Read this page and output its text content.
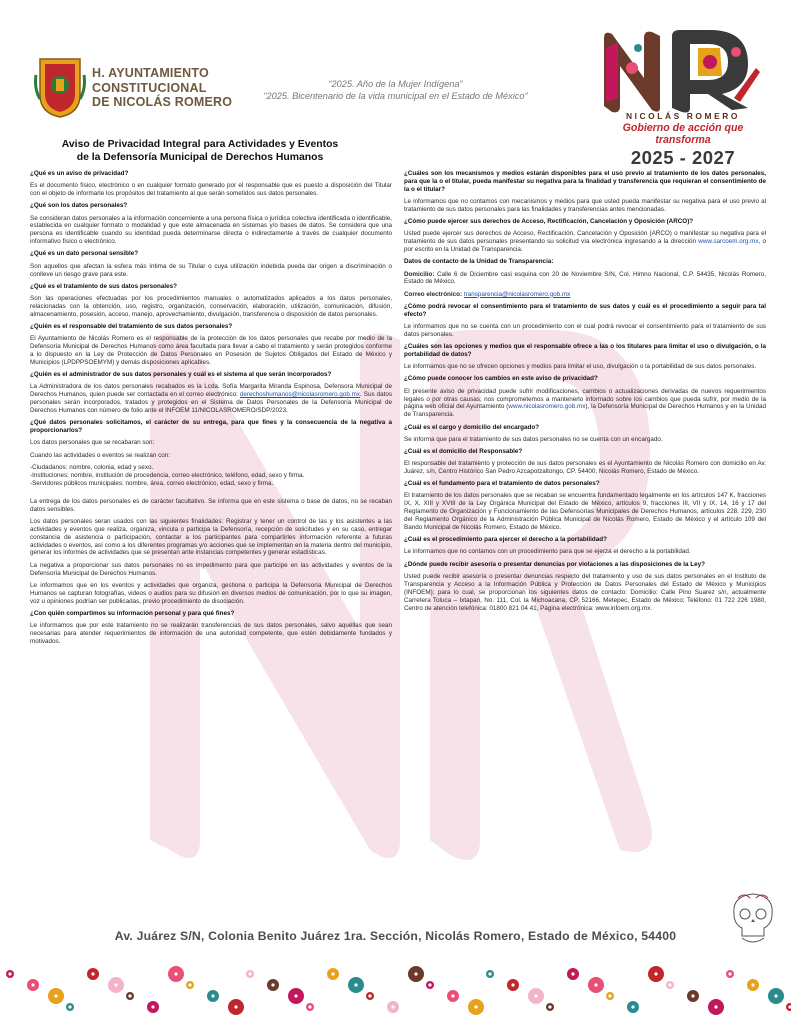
H. AYUNTAMIENTO
CONSTITUCIONAL
DE NICOLÁS ROMERO
“2025. Año de la Mujer Indígena”
“2025. Bicentenario de la vida municipal en el Estado de México”
NICOLÁS ROMERO
Gobierno de acción que transforma
2025 - 2027
Aviso de Privacidad Integral para Actividades y Eventos
de la Defensoría Municipal de Derechos Humanos
¿Qué es un aviso de privacidad?

Es el documento físico, electrónico o en cualquier formato generado por el responsable que es puesto a disposición del Titular con el objeto de informarle los propósitos del tratamiento al que serán sometidos sus datos personales.

¿Qué son los datos personales?

Se consideran datos personales a la información concerniente a una persona física o jurídica colectiva identificada o identificable, establecida en cualquier formato o modalidad y que este almacenada en sistemas y/o bases de datos. Se considera que una persona es identificable cuando su identidad pueda determinarse directa o indirectamente a través de cualquier documento informativo físico o electrónico.

¿Qué es un dato personal sensible?

Son aquellos que afectan la esfera más íntima de su Titular o cuya utilización indebida pueda dar origen a discriminación o conlleve un riesgo grave para este.

¿Qué es el tratamiento de sus datos personales?

Son las operaciones efectuadas por los procedimientos manuales o automatizados aplicados a los datos personales, relacionadas con la obtención, uso, registro, organización, conservación, elaboración, utilización, comunicación, difusión, almacenamiento, posesión, acceso, manejo, aprovechamiento, divulgación, transferencia o disposición de datos personales.

¿Quién es el responsable del tratamiento de sus datos personales?

El Ayuntamiento de Nicolás Romero es el responsable de la protección de los datos personales que recabe por medio de la Defensoría Municipal de Derechos Humanos como área facultada para llevar a cabo el tratamiento y serán protegidos conforme a lo dispuesto en la Ley de Protección de Datos Personales en Posesión de Sujetos Obligados del Estado de México y Municipios (LPDPPSOEMYM) y demás disposiciones aplicables.

¿Quién es el administrador de sus datos personales y cuál es el sistema al que serán incorporados?

La Administradora de los datos personales recabados es la Lcda. Sofía Margarita Miranda Espinosa, Defensora Municipal de Derechos Humanos, quien puede ser contactada en el correo electrónico: derechoshumanos@nicolasromero.gob.mx. Sus datos personales serán incorporados, tratados y protegidos en el Sistema de Datos Personales de la Defensoría Municipal de Derechos Humanos con número de folio ante el INFOEM 11/NICOLASROMERO/SDP/2023.

¿Qué datos personales solicitamos, el carácter de su entrega, para que fines y la consecuencia de la negativa a proporcionarlos?

Los datos personales que se recabaran son:

Cuando las actividades o eventos se realizan con:

-Ciudadanos: nombre, colonia, edad y sexo.
-Instituciones: nombre, institución de procedencia, correo electrónico, teléfono, edad, sexo y firma.
-Servidores públicos municipales: nombre, área, correo electrónico, edad, sexo y firma.

La entrega de los datos personales es de carácter facultativo. Se informa que en este sistema o base de datos, no se recaban datos sensibles.

Los datos personales seran usados con las siguientes finalidades: Registrar y tener un control de las y los asistentes a las actividades y eventos que realiza, organiza, vincula o participa la Defensoría, recepción de solicitudes y en su caso, entregar constancia de asistencia o participación, contactar a los participantes para compartirles información referente a futuras actividades o eventos, así como a los diferentes programas y/o acciones que se implementan en la materia dentro del municipio, generar los informes de actividades que se presentan ante instancias competentes y generar estadísticas.

La negativa a proporcionar sus datos personales no es impedimento para que participe en las actividades y eventos de la Defensoría Municipal de Derechos Humanos.

Le informamos que en los eventos y actividades que organiza, gestiona o participa la Defensoría Municipal de Derechos Humanos se capturan fotografías, videos o audios para su difusión en diversos medios de comunicación, por lo que su imagen, voz u opiniones podrían ser publicadas, previo procedimiento de disociación.

¿Con quién compartimos su información personal y para qué fines?

Le informamos que por este tratamiento no se realizarán transferencias de sus datos personales, salvo aquéllas que sean necesarias para atender requerimientos de información de una autoridad competente, que estén debidamente fundados y motivados.

¿Cuáles son los mecanismos y medios estarán disponibles para el uso previo al tratamiento de los datos personales, para que la o el titular, pueda manifestar su negativa para la finalidad y transferencia que requieran el consentimiento de la o el titular?

Le informamos que no contamos con mecanismos y medios para que usted pueda manifestar su negativa para el uso previo al tratamiento de sus datos personales para las finalidades y transferencias antes mencionadas.

¿Cómo puede ejercer sus derechos de Acceso, Rectificación, Cancelación y Oposición (ARCO)?

Usted puede ejercer sus derechos de Acceso, Rectificación, Cancelación y Oposición (ARCO) o manifestar su negativa para el tratamiento de sus datos personales presentando su solicitud vía electrónica ingresando a la dirección www.sarcoem.org.mx, o por escrito en la Unidad de Transparencia.

Datos de contacto de la Unidad de Transparencia:

Domicilio: Calle 6 de Diciembre casi esquina con 20 de Noviembre S/N, Col. Himno Nacional, C.P. 54435, Nicolás Romero, Estado de México.

Correo electrónico: transparencia@nicolasromero.gob.mx

¿Cómo podrá revocar el consentimiento para el tratamiento de sus datos y cuál es el procedimiento a seguir para tal efecto?

Le informamos que no se cuenta con un procedimiento con el cual podrá revocar el consentimiento para el tratamiento de sus datos personales.

¿Cuáles son las opciones y medios que el responsable ofrece a las o los titulares para limitar el uso o divulgación, o la portabilidad de datos?

Le informamos que no se ofrecen opciones y medios para limitar el uso, divulgación o la portabilidad de sus datos personales.

¿Cómo puede conocer los cambios en este aviso de privacidad?

El presente aviso de privacidad puede sufrir modificaciones, cambios o actualizaciones derivadas de nuevos requerimientos legales o por otras causas; nos comprometemos a mantenerlo informado sobre los cambios que pueda sufrir, por medio de la página web oficial del Ayuntamiento (www.nicolasromero.gob.mx), la Defensoría Municipal de Derechos Humanos y en la Unidad de Transparencia.

¿Cuál es el cargo y domicilio del encargado?

Se informa que para el tratamiento de sus datos personales no se cuenta con un encargado.

¿Cuál es el domicilio del Responsable?

El responsable del tratamiento y protección de sus datos personales es el Ayuntamiento de Nicolás Romero con domicilio en Av. Juárez, s/n, Centro Histórico San Pedro Azcapotzaltongo, CP. 54400, Nicolás Romero, Estado de México.

¿Cuál es el fundamento para el tratamiento de datos personales?

El tratamiento de los datos personales que se recaban se encuentra fundamentado legalmente en los artículos 147 K, fracciones IX, X, XIII y XVIII de la Ley Orgánica Municipal del Estado de México, artículos 9, fracciones III, VII y IX, 14, 16 y 17 del Reglamento de Organización y Funcionamiento de las Defensorías Municipales de Derechos Humanos, artículos 228, 229, 230 del Reglamento Orgánico de la Administración Pública Municipal de Nicolás Romero, Estado de México y el artículo 109 del Bando Municipal de Nicolás Romero, Estado de México.

¿Cuál es el procedimiento para ejercer el derecho a la portabilidad?

Le informamos que no contamos con un procedimiento para que se ejerza el derecho a la portabilidad.

¿Dónde puede recibir asesoría o presentar denuncias por violaciones a las disposiciones de la Ley?

Usted puede recibir asesoría o presentar denuncias respecto del tratamiento y uso de sus datos personales en el Instituto de Transparencia y Acceso a la Información Pública y Protección de Datos Personales del Estado de México y Municipios (INFOEM); para lo cual, se proporcionan los siguientes datos de contacto: Domicilio: Calle Pino Suarez s/n, actualmente Carretera Toluca – Ixtapan, No. 111, Col. la Michoacana, CP. 52166, Metepec, Estado de México; Teléfono: 01 722 226 1980, Centro de atención telefónica: 01800 821 04 41, Página electrónica: www.infoem.org.mx.

Av. Juárez S/N, Colonia Benito Juárez 1ra. Sección, Nicolás Romero, Estado de México, 54400
